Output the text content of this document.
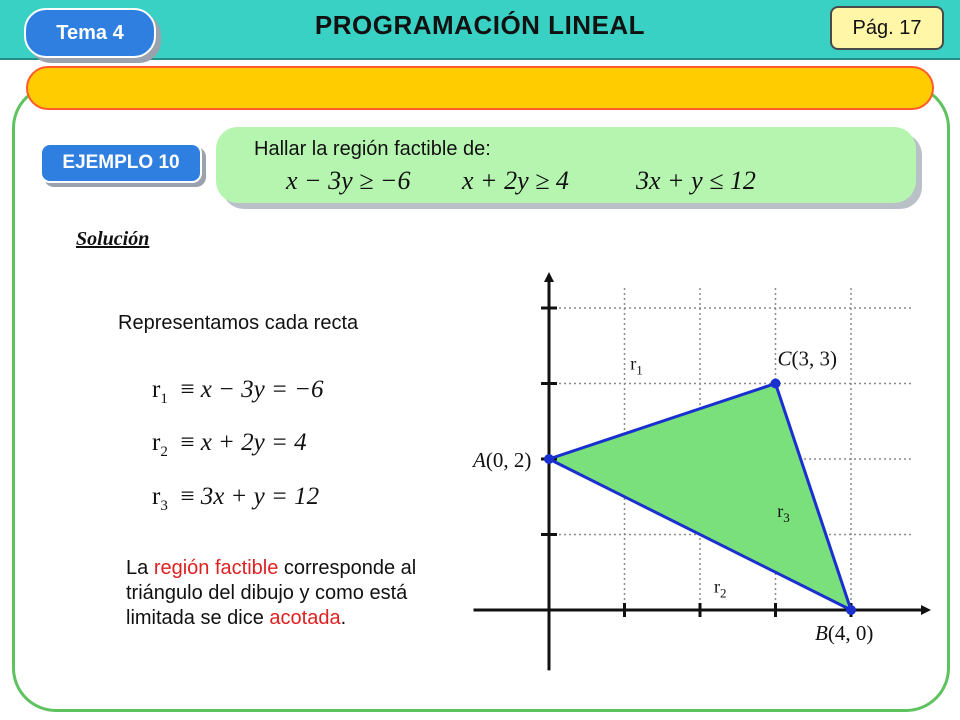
Tema 4	PROGRAMACIÓN LINEAL	Pág. 17
EJEMPLO 10
Hallar la región factible de:
x − 3y ≥ −6 x + 2y ≥ 4	3x + y ≤ 12
Solución
Representamos cada recta
$r_1 \equiv x - 3y = -6$
$r_2 \equiv x + 2y = 4$
$r_3 \equiv 3x + y = 12$
La región factible corresponde al triángulo del dibujo y como está limitada se dice acotada.
$r_1$
$r_2$
$r_3$
A(0, 2)
B(4, 0)
C(3, 3)
